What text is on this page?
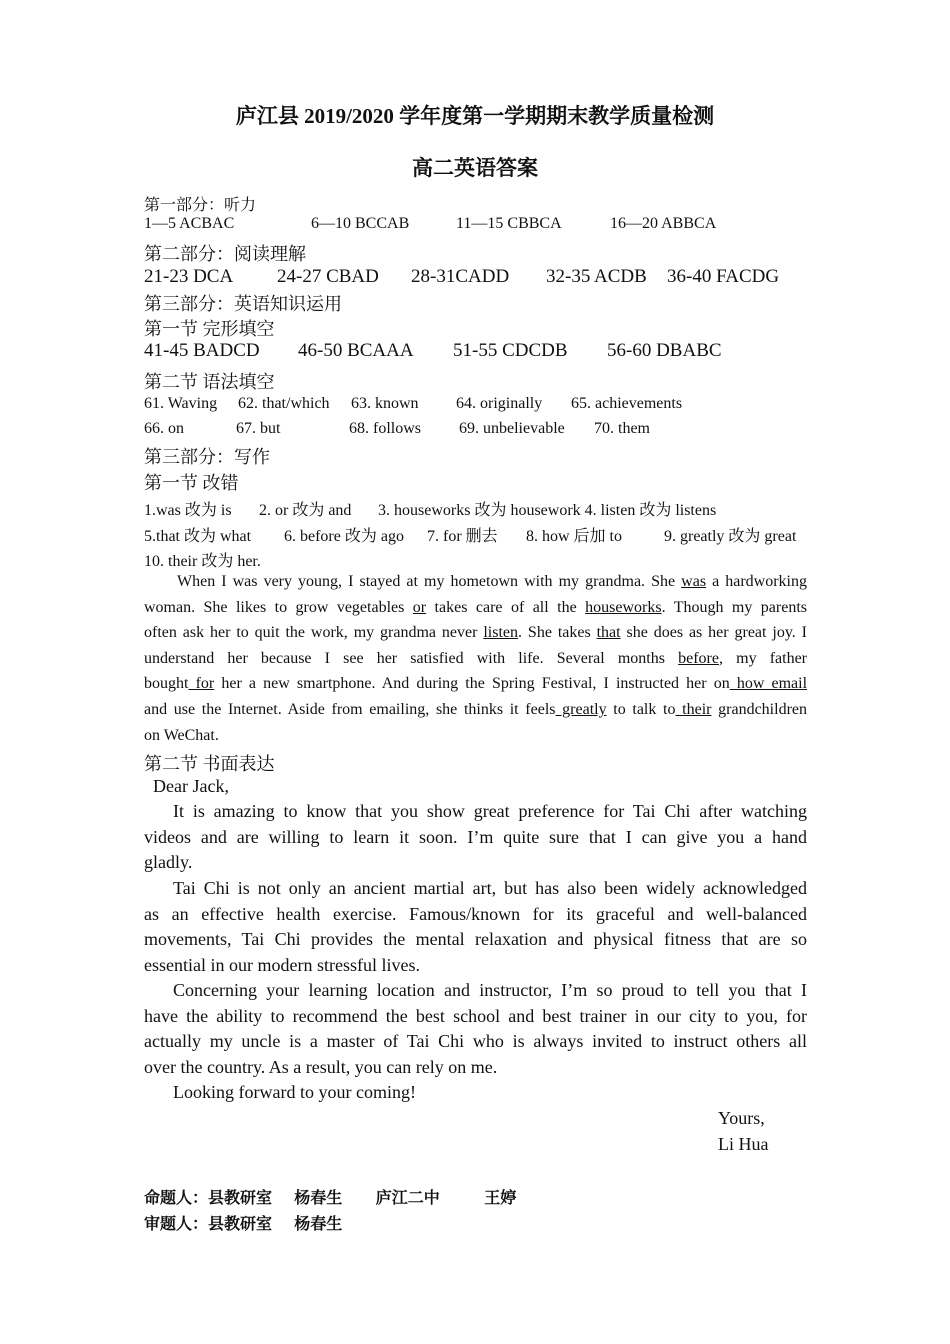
庐江县 2019/2020 学年度第一学期期末教学质量检测
高二英语答案
第一部分：听力
1—5 ACBAC	6—10 BCCAB	11—15 CBBCA	16—20 ABBCA
第二部分：阅读理解
21-23 DCA 24-27 CBAD 28-31CADD 32-35 ACDB 36-40 FACDG
第三部分：英语知识运用
第一节 完形填空
41-45 BADCD 46-50 BCAAA 51-55 CDCDB 56-60 DBABC
第二节 语法填空
61. Waving 62. that/which 63. known 64. originally 65. achievements
66. on	67. but	68. follows 69. unbelievable 70. them
第三部分：写作
第一节 改错
1.was 改为 is 2. or 改为 and 3. houseworks 改为 housework 4. listen 改为 listens
5.that 改为 what 6. before 改为 ago 7. for 删去 8. how 后加 to	9. greatly 改为 great
10. their 改为 her.
When I was very young, I stayed at my hometown with my grandma. She was a hardworking
woman. She likes to grow vegetables or takes care of all the houseworks. Though my parents
often ask her to quit the work, my grandma never listen. She takes that she does as her great joy. I
understand her because I see her satisfied with life. Several months before, my father
bought for her a new smartphone. And during the Spring Festival, I instructed her on how email
and use the Internet. Aside from emailing, she thinks it feels greatly to talk to their grandchildren
on WeChat.
第二节 书面表达
Dear Jack,
It is amazing to know that you show great preference for Tai Chi after watching
videos and are willing to learn it soon. I’m quite sure that I can give you a hand
gladly.
Tai Chi is not only an ancient martial art, but has also been widely acknowledged
as an effective health exercise. Famous/known for its graceful and well-balanced
movements, Tai Chi provides the mental relaxation and physical fitness that are so
essential in our modern stressful lives.
Concerning your learning location and instructor, I’m so proud to tell you that I
have the ability to recommend the best school and best trainer in our city to you, for
actually my uncle is a master of Tai Chi who is always invited to instruct others all
over the country. As a result, you can rely on me.
Looking forward to your coming!
Yours,
Li Hua
命题人：县教研室    杨春生      庐江二中        王婷
审题人：县教研室    杨春生
